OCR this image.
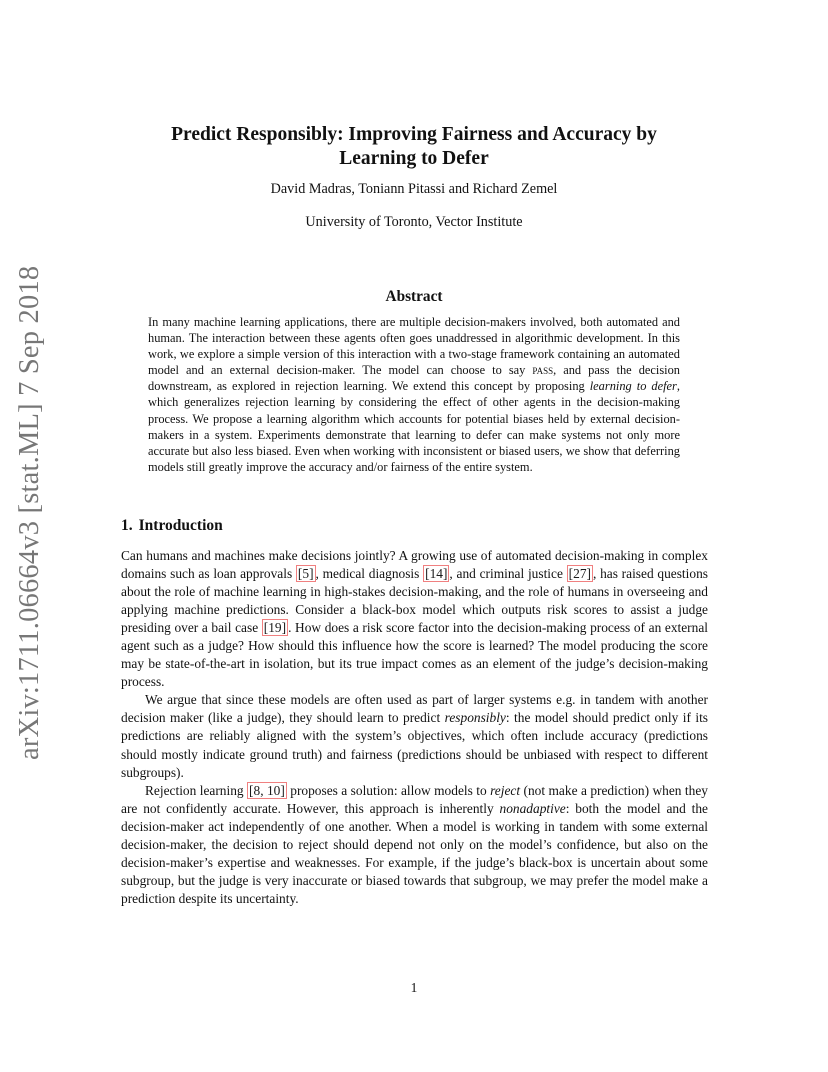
arXiv:1711.06664v3 [stat.ML] 7 Sep 2018
Predict Responsibly: Improving Fairness and Accuracy by
Learning to Defer
David Madras, Toniann Pitassi and Richard Zemel
University of Toronto, Vector Institute
Abstract

In many machine learning applications, there are multiple decision-makers involved, both automated and human. The interaction between these agents often goes unaddressed in algorithmic development. In this work, we explore a simple version of this interaction with a two-stage framework containing an automated model and an external decision-maker. The model can choose to say pass, and pass the decision downstream, as explored in rejection learning. We extend this concept by proposing learning to defer, which generalizes rejection learning by considering the effect of other agents in the decision-making process. We propose a learning algorithm which accounts for potential biases held by external decision-makers in a system. Experiments demonstrate that learning to defer can make systems not only more accurate but also less biased. Even when working with inconsistent or biased users, we show that deferring models still greatly improve the accuracy and/or fairness of the entire system.

1. Introduction

Can humans and machines make decisions jointly? A growing use of automated decision-making in complex domains such as loan approvals [5] , medical diagnosis [14] , and criminal justice [27] , has raised questions about the role of machine learning in high-stakes decision-making, and the role of humans in overseeing and applying machine predictions. Consider a black-box model which outputs risk scores to assist a judge presiding over a bail case [19] . How does a risk score factor into the decision-making process of an external agent such as a judge? How should this influence how the score is learned? The model producing the score may be state-of-the-art in isolation, but its true impact comes as an element of the judge’s decision-making process.

We argue that since these models are often used as part of larger systems e.g. in tandem with another decision maker (like a judge), they should learn to predict responsibly: the model should predict only if its predictions are reliably aligned with the system’s objectives, which often include accuracy (predictions should mostly indicate ground truth) and fairness (predictions should be unbiased with respect to different subgroups).

Rejection learning [8, 10] proposes a solution: allow models to reject (not make a prediction) when they are not confidently accurate. However, this approach is inherently nonadaptive: both the model and the decision-maker act independently of one another. When a model is working in tandem with some external decision-maker, the decision to reject should depend not only on the model’s confidence, but also on the decision-maker’s expertise and weaknesses. For example, if the judge’s black-box is uncertain about some subgroup, but the judge is very inaccurate or biased towards that subgroup, we may prefer the model make a prediction despite its uncertainty.

1
